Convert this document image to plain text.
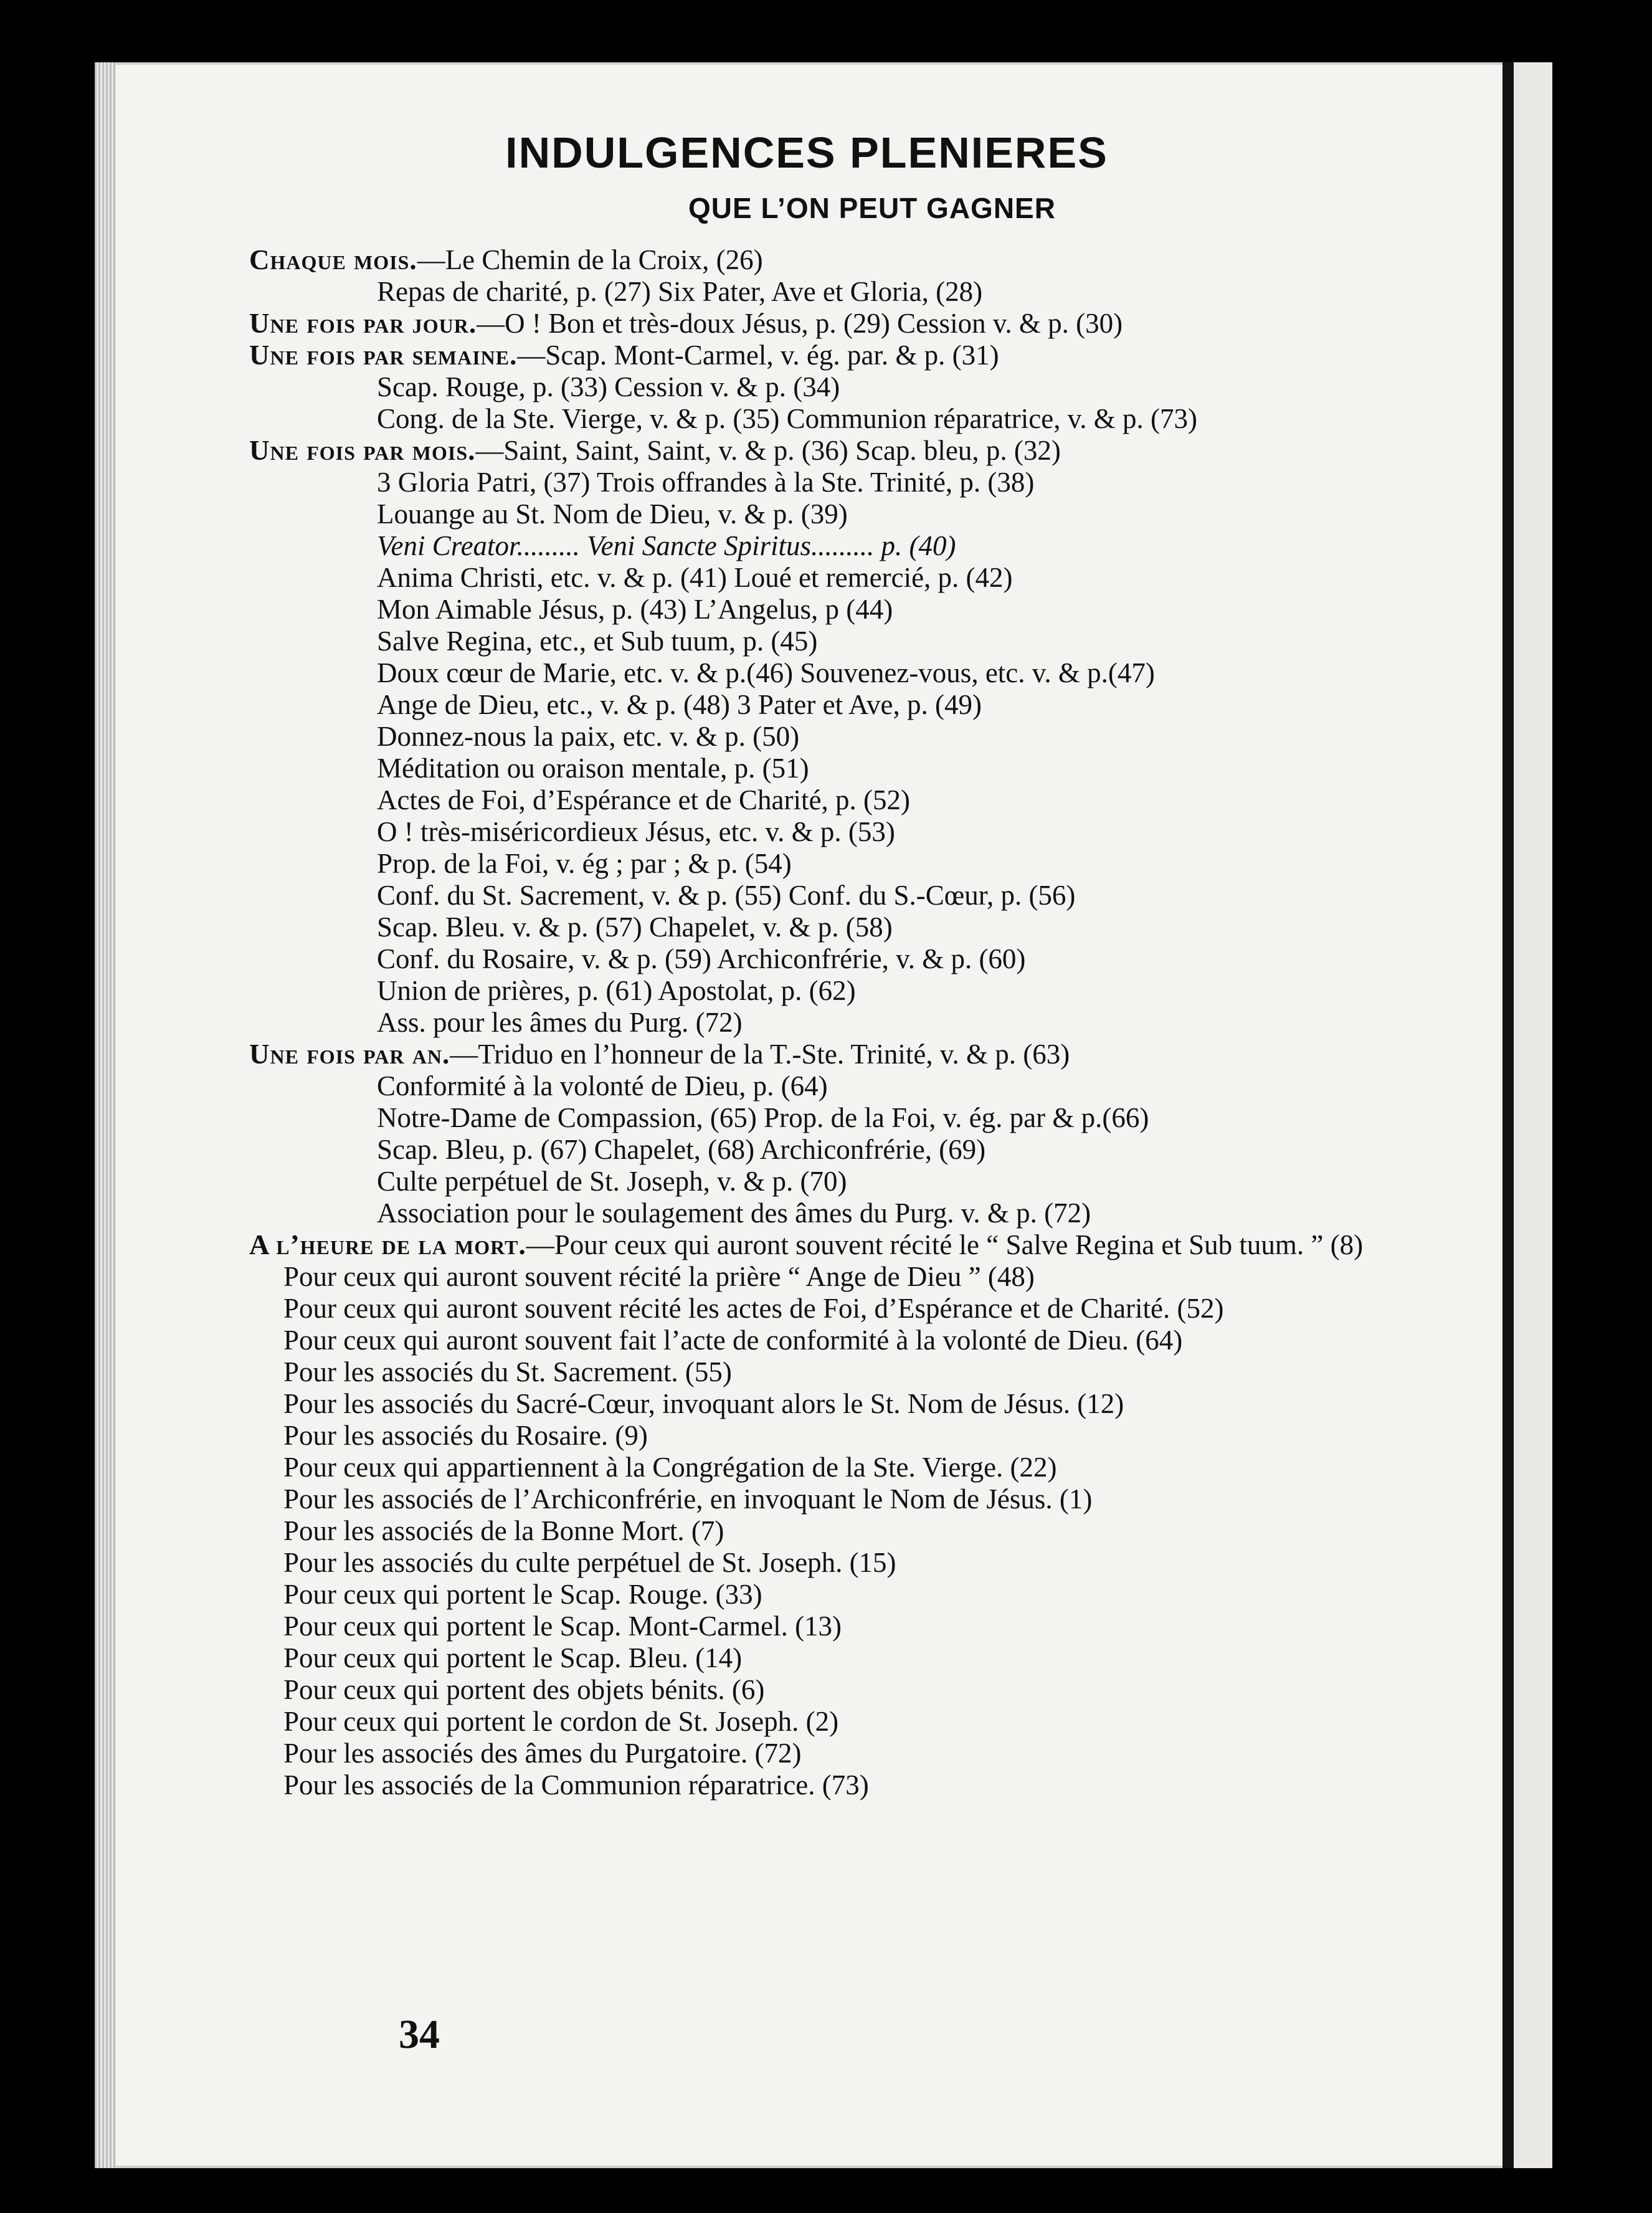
INDULGENCES PLENIERES
QUE L’ON PEUT GAGNER
Chaque mois.—Le Chemin de la Croix, (26)
Repas de charité, p. (27) Six Pater, Ave et Gloria, (28)
Une fois par jour.—O ! Bon et très-doux Jésus, p. (29) Cession v. & p. (30)
Une fois par semaine.—Scap. Mont-Carmel, v. ég. par. & p. (31)
Scap. Rouge, p. (33) Cession v. & p. (34)
Cong. de la Ste. Vierge, v. & p. (35) Communion réparatrice, v. & p. (73)
Une fois par mois.—Saint, Saint, Saint, v. & p. (36) Scap. bleu, p. (32)
3 Gloria Patri, (37) Trois offrandes à la Ste. Trinité, p. (38)
Louange au St. Nom de Dieu, v. & p. (39)
Veni Creator......... Veni Sancte Spiritus......... p. (40)
Anima Christi, etc. v. & p. (41) Loué et remercié, p. (42)
Mon Aimable Jésus, p. (43) L’Angelus, p (44)
Salve Regina, etc., et Sub tuum, p. (45)
Doux cœur de Marie, etc. v. & p.(46) Souvenez-vous, etc. v. & p.(47)
Ange de Dieu, etc., v. & p. (48) 3 Pater et Ave, p. (49)
Donnez-nous la paix, etc. v. & p. (50)
Méditation ou oraison mentale, p. (51)
Actes de Foi, d’Espérance et de Charité, p. (52)
O ! très-miséricordieux Jésus, etc. v. & p. (53)
Prop. de la Foi, v. ég ; par ; & p. (54)
Conf. du St. Sacrement, v. & p. (55) Conf. du S.-Cœur, p. (56)
Scap. Bleu. v. & p. (57) Chapelet, v. & p. (58)
Conf. du Rosaire, v. & p. (59) Archiconfrérie, v. & p. (60)
Union de prières, p. (61) Apostolat, p. (62)
Ass. pour les âmes du Purg. (72)
Une fois par an.—Triduo en l’honneur de la T.-Ste. Trinité, v. & p. (63)
Conformité à la volonté de Dieu, p. (64)
Notre-Dame de Compassion, (65) Prop. de la Foi, v. ég. par & p.(66)
Scap. Bleu, p. (67) Chapelet, (68) Archiconfrérie, (69)
Culte perpétuel de St. Joseph, v. & p. (70)
Association pour le soulagement des âmes du Purg. v. & p. (72)
A l’heure de la mort.—Pour ceux qui auront souvent récité le “ Salve Regina et Sub tuum. ” (8)
Pour ceux qui auront souvent récité la prière “ Ange de Dieu ” (48)
Pour ceux qui auront souvent récité les actes de Foi, d’Espérance et de Charité. (52)
Pour ceux qui auront souvent fait l’acte de conformité à la volonté de Dieu. (64)
Pour les associés du St. Sacrement. (55)
Pour les associés du Sacré-Cœur, invoquant alors le St. Nom de Jésus. (12)
Pour les associés du Rosaire. (9)
Pour ceux qui appartiennent à la Congrégation de la Ste. Vierge. (22)
Pour les associés de l’Archiconfrérie, en invoquant le Nom de Jésus. (1)
Pour les associés de la Bonne Mort. (7)
Pour les associés du culte perpétuel de St. Joseph. (15)
Pour ceux qui portent le Scap. Rouge. (33)
Pour ceux qui portent le Scap. Mont-Carmel. (13)
Pour ceux qui portent le Scap. Bleu. (14)
Pour ceux qui portent des objets bénits. (6)
Pour ceux qui portent le cordon de St. Joseph. (2)
Pour les associés des âmes du Purgatoire. (72)
Pour les associés de la Communion réparatrice. (73)
34
